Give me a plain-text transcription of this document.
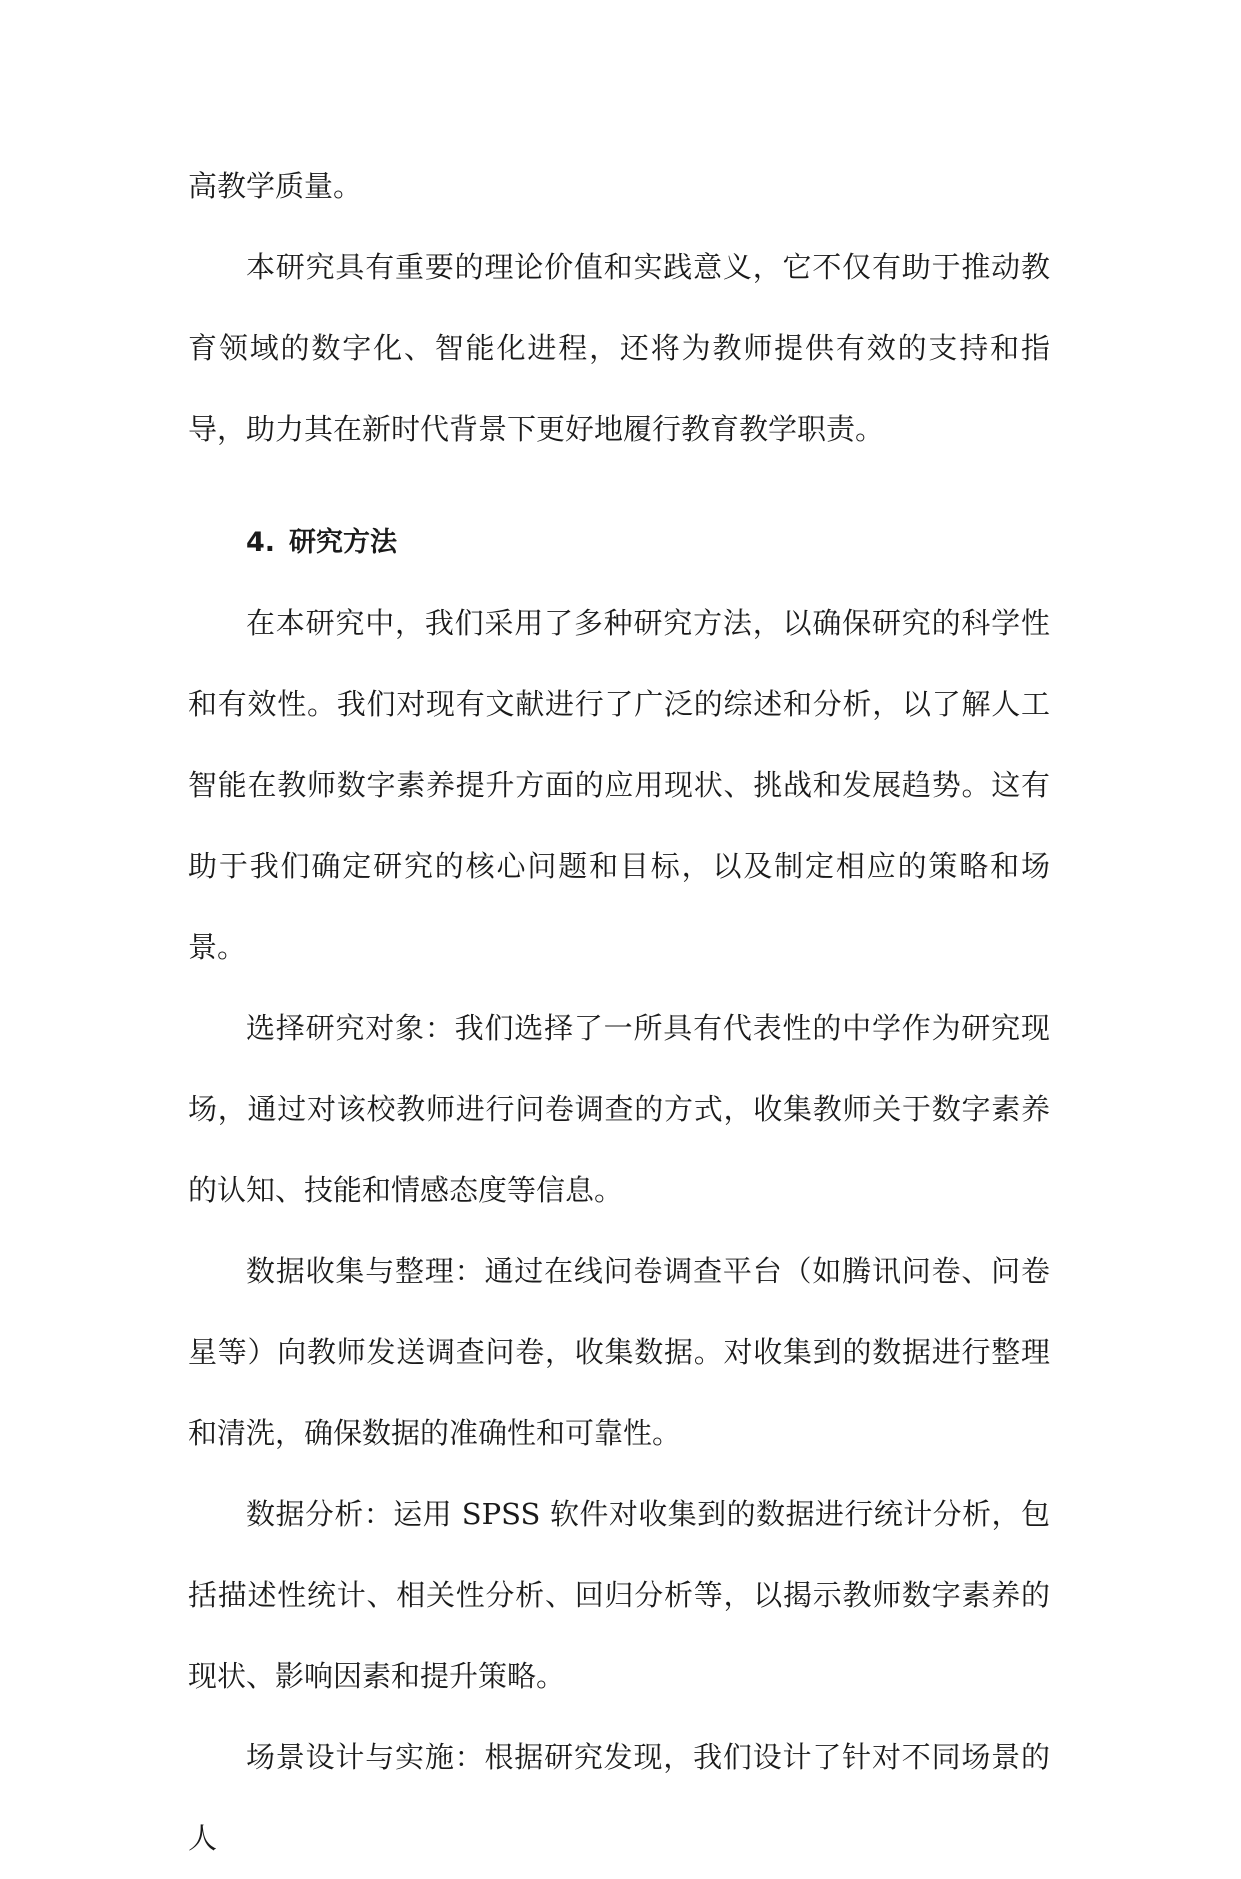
高教学质量。

本研究具有重要的理论价值和实践意义，它不仅有助于推动教育领域的数字化、智能化进程，还将为教师提供有效的支持和指导，助力其在新时代背景下更好地履行教育教学职责。

4. 研究方法

在本研究中，我们采用了多种研究方法，以确保研究的科学性和有效性。我们对现有文献进行了广泛的综述和分析，以了解人工智能在教师数字素养提升方面的应用现状、挑战和发展趋势。这有助于我们确定研究的核心问题和目标，以及制定相应的策略和场景。

选择研究对象：我们选择了一所具有代表性的中学作为研究现场，通过对该校教师进行问卷调查的方式，收集教师关于数字素养的认知、技能和情感态度等信息。

数据收集与整理：通过在线问卷调查平台（如腾讯问卷、问卷星等）向教师发送调查问卷，收集数据。对收集到的数据进行整理和清洗，确保数据的准确性和可靠性。

数据分析：运用 SPSS 软件对收集到的数据进行统计分析，包括描述性统计、相关性分析、回归分析等，以揭示教师数字素养的现状、影响因素和提升策略。

场景设计与实施：根据研究发现，我们设计了针对不同场景的人
